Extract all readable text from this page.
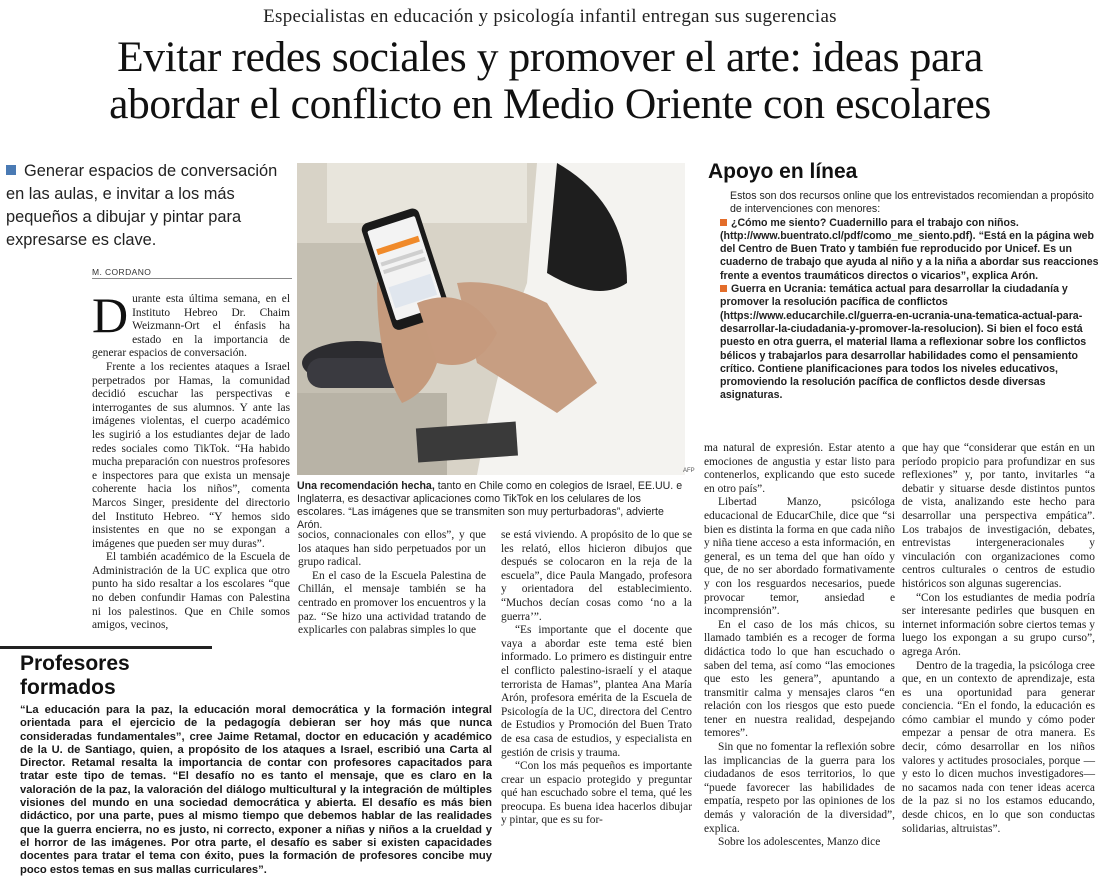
Especialistas en educación y psicología infantil entregan sus sugerencias
Evitar redes sociales y promover el arte: ideas para
abordar el conflicto en Medio Oriente con escolares
Generar espacios de conversación en las aulas, e invitar a los más pequeños a dibujar y pintar para expresarse es clave.
M. CORDANO

Durante esta última semana, en el Instituto Hebreo Dr. Chaim Weizmann-Ort el énfasis ha estado en la importancia de generar espacios de conversación.

Frente a los recientes ataques a Israel perpetrados por Hamas, la comunidad decidió escuchar las perspectivas e interrogantes de sus alumnos. Y ante las imágenes violentas, el cuerpo académico les sugirió a los estudiantes dejar de lado redes sociales como TikTok. “Ha habido mucha preparación con nuestros profesores e inspectores para que exista un mensaje coherente hacia los niños”, comenta Marcos Singer, presidente del directorio del Instituto Hebreo. “Y hemos sido insistentes en que no se expongan a imágenes que pueden ser muy duras”.

El también académico de la Escuela de Administración de la UC explica que otro punto ha sido resaltar a los escolares “que no deben confundir Hamas con Palestina ni los palestinos. Que en Chile somos amigos, vecinos,

socios, connacionales con ellos”, y que los ataques han sido perpetuados por un grupo radical.

En el caso de la Escuela Palestina de Chillán, el mensaje también se ha centrado en promover los encuentros y la paz. “Se hizo una actividad tratando de explicarles con palabras simples lo que

se está viviendo. A propósito de lo que se les relató, ellos hicieron dibujos que después se colocaron en la reja de la escuela”, dice Paula Mangado, profesora y orientadora del establecimiento. “Muchos decían cosas como ‘no a la guerra’”.

“Es importante que el docente que vaya a abordar este tema esté bien informado. Lo primero es distinguir entre el conflicto palestino-israelí y el ataque terrorista de Hamas”, plantea Ana María Arón, profesora emérita de la Escuela de Psicología de la UC, directora del Centro de Estudios y Promoción del Buen Trato de esa casa de estudios, y especialista en gestión de crisis y trauma.

“Con los más pequeños es importante crear un espacio protegido y preguntar qué han escuchado sobre el tema, qué les preocupa. Es buena idea hacerlos dibujar y pintar, que es su for-

ma natural de expresión. Estar atento a emociones de angustia y estar listo para contenerlos, explicando que esto sucede en otro país”.

Libertad Manzo, psicóloga educacional de EducarChile, dice que “si bien es distinta la forma en que cada niño y niña tiene acceso a esta información, en general, es un tema del que han oído y que, de no ser abordado formativamente y con los resguardos necesarios, puede provocar temor, ansiedad e incomprensión”.

En el caso de los más chicos, su llamado también es a recoger de forma didáctica todo lo que han escuchado o saben del tema, así como “las emociones que esto les genera”, apuntando a transmitir calma y mensajes claros “en relación con los riesgos que esto puede tener en nuestra realidad, despejando temores”.

Sin que no fomentar la reflexión sobre las implicancias de la guerra para los ciudadanos de esos territorios, lo que “puede favorecer las habilidades de empatía, respeto por las opiniones de los demás y valoración de la diversidad”, explica.

Sobre los adolescentes, Manzo dice

que hay que “considerar que están en un período propicio para profundizar en sus reflexiones” y, por tanto, invitarles “a debatir y situarse desde distintos puntos de vista, analizando este hecho para desarrollar una perspectiva empática”. Los trabajos de investigación, debates, entrevistas intergeneracionales y vinculación con organizaciones como centros culturales o centros de estudio históricos son algunas sugerencias.

“Con los estudiantes de media podría ser interesante pedirles que busquen en internet información sobre ciertos temas y luego los expongan a su grupo curso”, agrega Arón.

Dentro de la tragedia, la psicóloga cree que, en un contexto de aprendizaje, esta es una oportunidad para generar conciencia. “En el fondo, la educación es cómo cambiar el mundo y cómo poder empezar a pensar de otra manera. Es decir, cómo desarrollar en los niños valores y actitudes prosociales, porque —y esto lo dicen muchos investigadores— no sacamos nada con tener ideas acerca de la paz si no los estamos educando, desde chicos, en lo que son conductas solidarias, altruistas”.

AFP
Una recomendación hecha, tanto en Chile como en colegios de Israel, EE.UU. e Inglaterra, es desactivar aplicaciones como TikTok en los celulares de los escolares. “Las imágenes que se transmiten son muy perturbadoras”, advierte Arón.
Apoyo en línea
Estos son dos recursos online que los entrevistados recomiendan a propósito de intervenciones con menores:
¿Cómo me siento? Cuadernillo para el trabajo con niños. (http://www.buentrato.cl/pdf/como_me_siento.pdf). “Está en la página web del Centro de Buen Trato y también fue reproducido por Unicef. Es un cuaderno de trabajo que ayuda al niño y a la niña a abordar sus reacciones frente a eventos traumáticos directos o vicarios”, explica Arón.
Guerra en Ucrania: temática actual para desarrollar la ciudadanía y promover la resolución pacífica de conflictos (https://www.educarchile.cl/guerra-en-ucrania-una-tematica-actual-para-desarrollar-la-ciudadania-y-promover-la-resolucion). Si bien el foco está puesto en otra guerra, el material llama a reflexionar sobre los conflictos bélicos y trabajarlos para desarrollar habilidades como el pensamiento crítico. Contiene planificaciones para todos los niveles educativos, promoviendo la resolución pacífica de conflictos desde diversas asignaturas.
Profesores formados
“La educación para la paz, la educación moral democrática y la formación integral orientada para el ejercicio de la pedagogía debieran ser hoy más que nunca consideradas fundamentales”, cree Jaime Retamal, doctor en educación y académico de la U. de Santiago, quien, a propósito de los ataques a Israel, escribió una Carta al Director. Retamal resalta la importancia de contar con profesores capacitados para tratar este tipo de temas. “El desafío no es tanto el mensaje, que es claro en la valoración de la paz, la valoración del diálogo multicultural y la integración de múltiples visiones del mundo en una sociedad democrática y abierta. El desafío es más bien didáctico, por una parte, pues al mismo tiempo que debemos hablar de las realidades que la guerra encierra, no es justo, ni correcto, exponer a niñas y niños a la crueldad y el horror de las imágenes. Por otra parte, el desafío es saber si existen capacidades docentes para tratar el tema con éxito, pues la formación de profesores concibe muy poco estos temas en sus mallas curriculares”.
